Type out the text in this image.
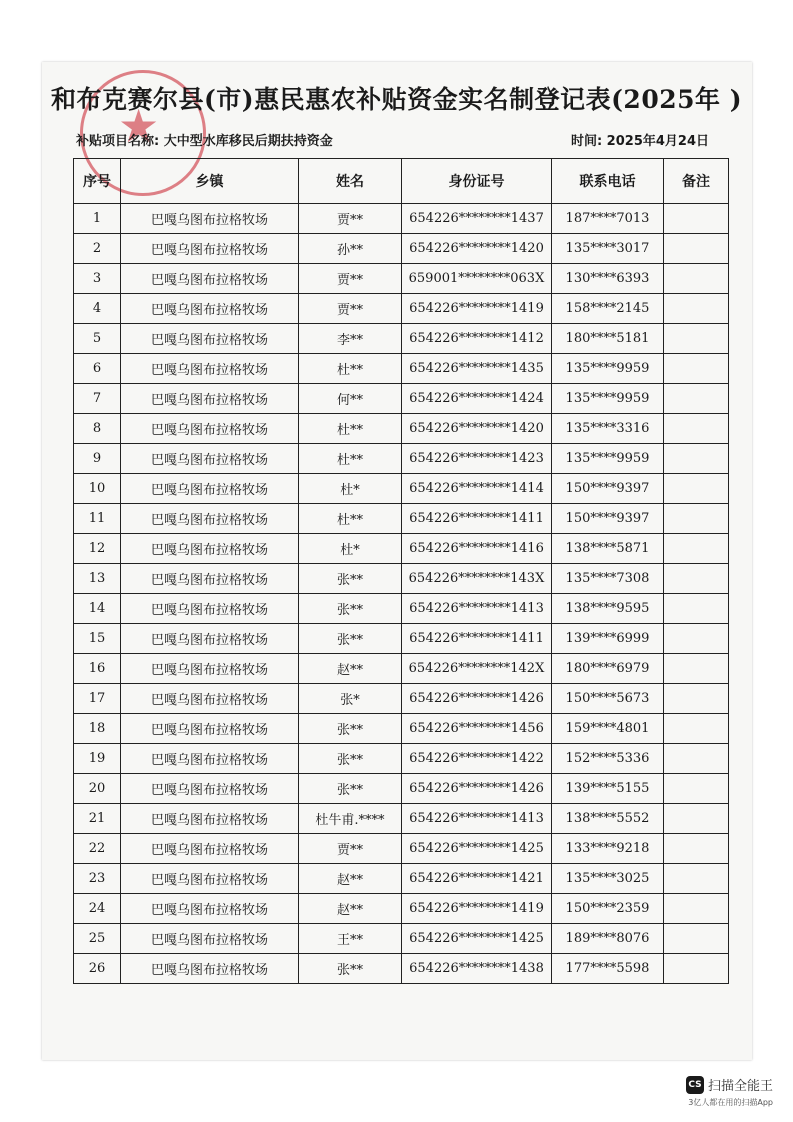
★
和布克赛尔县(市)惠民惠农补贴资金实名制登记表(2025年 )
补贴项目名称: 大中型水库移民后期扶持资金	时间: 2025年4月24日
序号	乡镇	姓名	身份证号	联系电话	备注
1	巴嘎乌图布拉格牧场	贾**	654226********1437	187****7013	
2	巴嘎乌图布拉格牧场	孙**	654226********1420	135****3017	
3	巴嘎乌图布拉格牧场	贾**	659001********063X	130****6393	
4	巴嘎乌图布拉格牧场	贾**	654226********1419	158****2145	
5	巴嘎乌图布拉格牧场	李**	654226********1412	180****5181	
6	巴嘎乌图布拉格牧场	杜**	654226********1435	135****9959	
7	巴嘎乌图布拉格牧场	何**	654226********1424	135****9959	
8	巴嘎乌图布拉格牧场	杜**	654226********1420	135****3316	
9	巴嘎乌图布拉格牧场	杜**	654226********1423	135****9959	
10	巴嘎乌图布拉格牧场	杜*	654226********1414	150****9397	
11	巴嘎乌图布拉格牧场	杜**	654226********1411	150****9397	
12	巴嘎乌图布拉格牧场	杜*	654226********1416	138****5871	
13	巴嘎乌图布拉格牧场	张**	654226********143X	135****7308	
14	巴嘎乌图布拉格牧场	张**	654226********1413	138****9595	
15	巴嘎乌图布拉格牧场	张**	654226********1411	139****6999	
16	巴嘎乌图布拉格牧场	赵**	654226********142X	180****6979	
17	巴嘎乌图布拉格牧场	张*	654226********1426	150****5673	
18	巴嘎乌图布拉格牧场	张**	654226********1456	159****4801	
19	巴嘎乌图布拉格牧场	张**	654226********1422	152****5336	
20	巴嘎乌图布拉格牧场	张**	654226********1426	139****5155	
21	巴嘎乌图布拉格牧场	杜牛甫.****	654226********1413	138****5552	
22	巴嘎乌图布拉格牧场	贾**	654226********1425	133****9218	
23	巴嘎乌图布拉格牧场	赵**	654226********1421	135****3025	
24	巴嘎乌图布拉格牧场	赵**	654226********1419	150****2359	
25	巴嘎乌图布拉格牧场	王**	654226********1425	189****8076	
26	巴嘎乌图布拉格牧场	张**	654226********1438	177****5598	
CS 扫描全能王
3亿人都在用的扫描App
